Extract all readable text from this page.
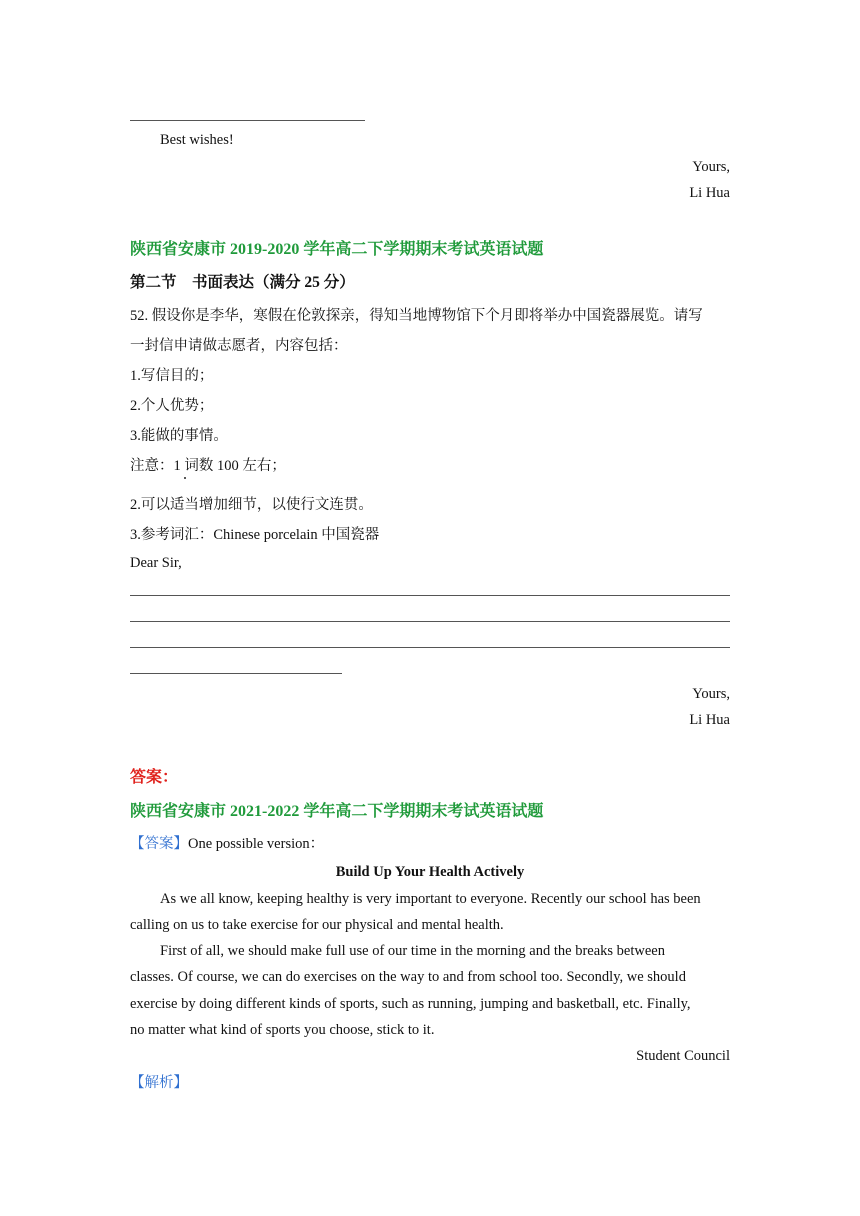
Best wishes!
Yours,
Li Hua
陕西省安康市 2019-2020 学年高二下学期期末考试英语试题
第二节　书面表达（满分 25 分）
52. 假设你是李华，寒假在伦敦探亲，得知当地博物馆下个月即将举办中国瓷器展览。请写
一封信申请做志愿者，内容包括：
1.写信目的；
2.个人优势；
3.能做的事情。
注意：1 词数 100 左右；
2.可以适当增加细节，以使行文连贯。
3.参考词汇：Chinese porcelain 中国瓷器
Dear Sir,
Yours,
Li Hua
答案：
陕西省安康市 2021-2022 学年高二下学期期末考试英语试题
【答案】One possible version：
Build Up Your Health Actively
As we all know, keeping healthy is very important to everyone. Recently our school has been
calling on us to take exercise for our physical and mental health.
First of all, we should make full use of our time in the morning and the breaks between
classes. Of course, we can do exercises on the way to and from school too. Secondly, we should
exercise by doing different kinds of sports, such as running, jumping and basketball, etc. Finally,
no matter what kind of sports you choose, stick to it.
Student Council
【解析】
